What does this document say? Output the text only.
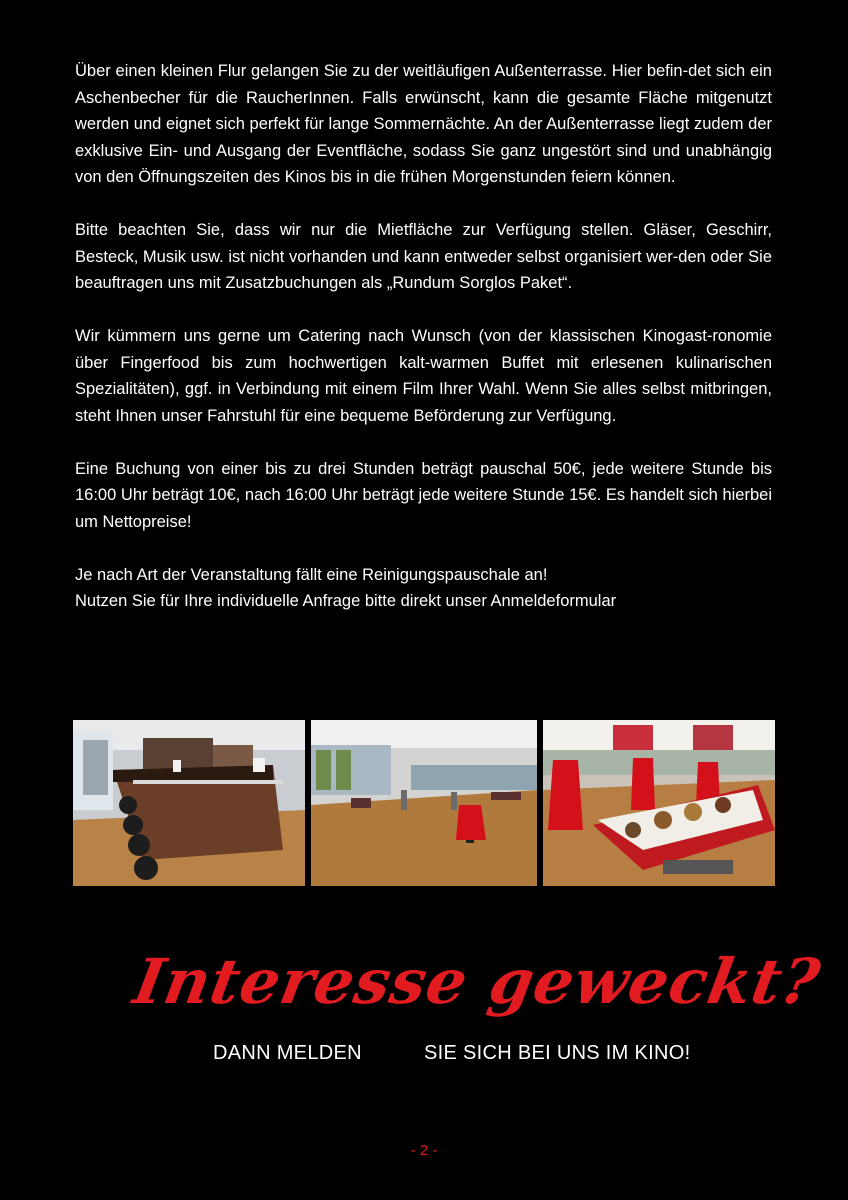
Über einen kleinen Flur gelangen Sie zu der weitläufigen Außenterrasse. Hier befin-det sich ein Aschenbecher für die RaucherInnen. Falls erwünscht, kann die gesamte Fläche mitgenutzt werden und eignet sich perfekt für lange Sommernächte. An der Außenterrasse liegt zudem der exklusive Ein- und Ausgang der Eventfläche, sodass Sie ganz ungestört sind und unabhängig von den Öffnungszeiten des Kinos bis in die frühen Morgenstunden feiern können.

Bitte beachten Sie, dass wir nur die Mietfläche zur Verfügung stellen. Gläser, Geschirr, Besteck, Musik usw. ist nicht vorhanden und kann entweder selbst organisiert wer-den oder Sie beauftragen uns mit Zusatzbuchungen als „Rundum Sorglos Paket“.

Wir kümmern uns gerne um Catering nach Wunsch (von der klassischen Kinogast-ronomie über Fingerfood bis zum hochwertigen kalt-warmen Buffet mit erlesenen kulinarischen Spezialitäten), ggf. in Verbindung mit einem Film Ihrer Wahl. Wenn Sie alles selbst mitbringen, steht Ihnen unser Fahrstuhl für eine bequeme Beförderung zur Verfügung.

Eine Buchung von einer bis zu drei Stunden beträgt pauschal 50€, jede weitere Stunde bis 16:00 Uhr beträgt 10€, nach 16:00 Uhr beträgt jede weitere Stunde 15€. Es handelt sich hierbei um Nettopreise!

Je nach Art der Veranstaltung fällt eine Reinigungspauschale an!
Nutzen Sie für Ihre individuelle Anfrage bitte direkt unser Anmeldeformular

Interesse geweckt?
DANN MELDEN	SIE SICH BEI UNS IM KINO!
- 2 -
